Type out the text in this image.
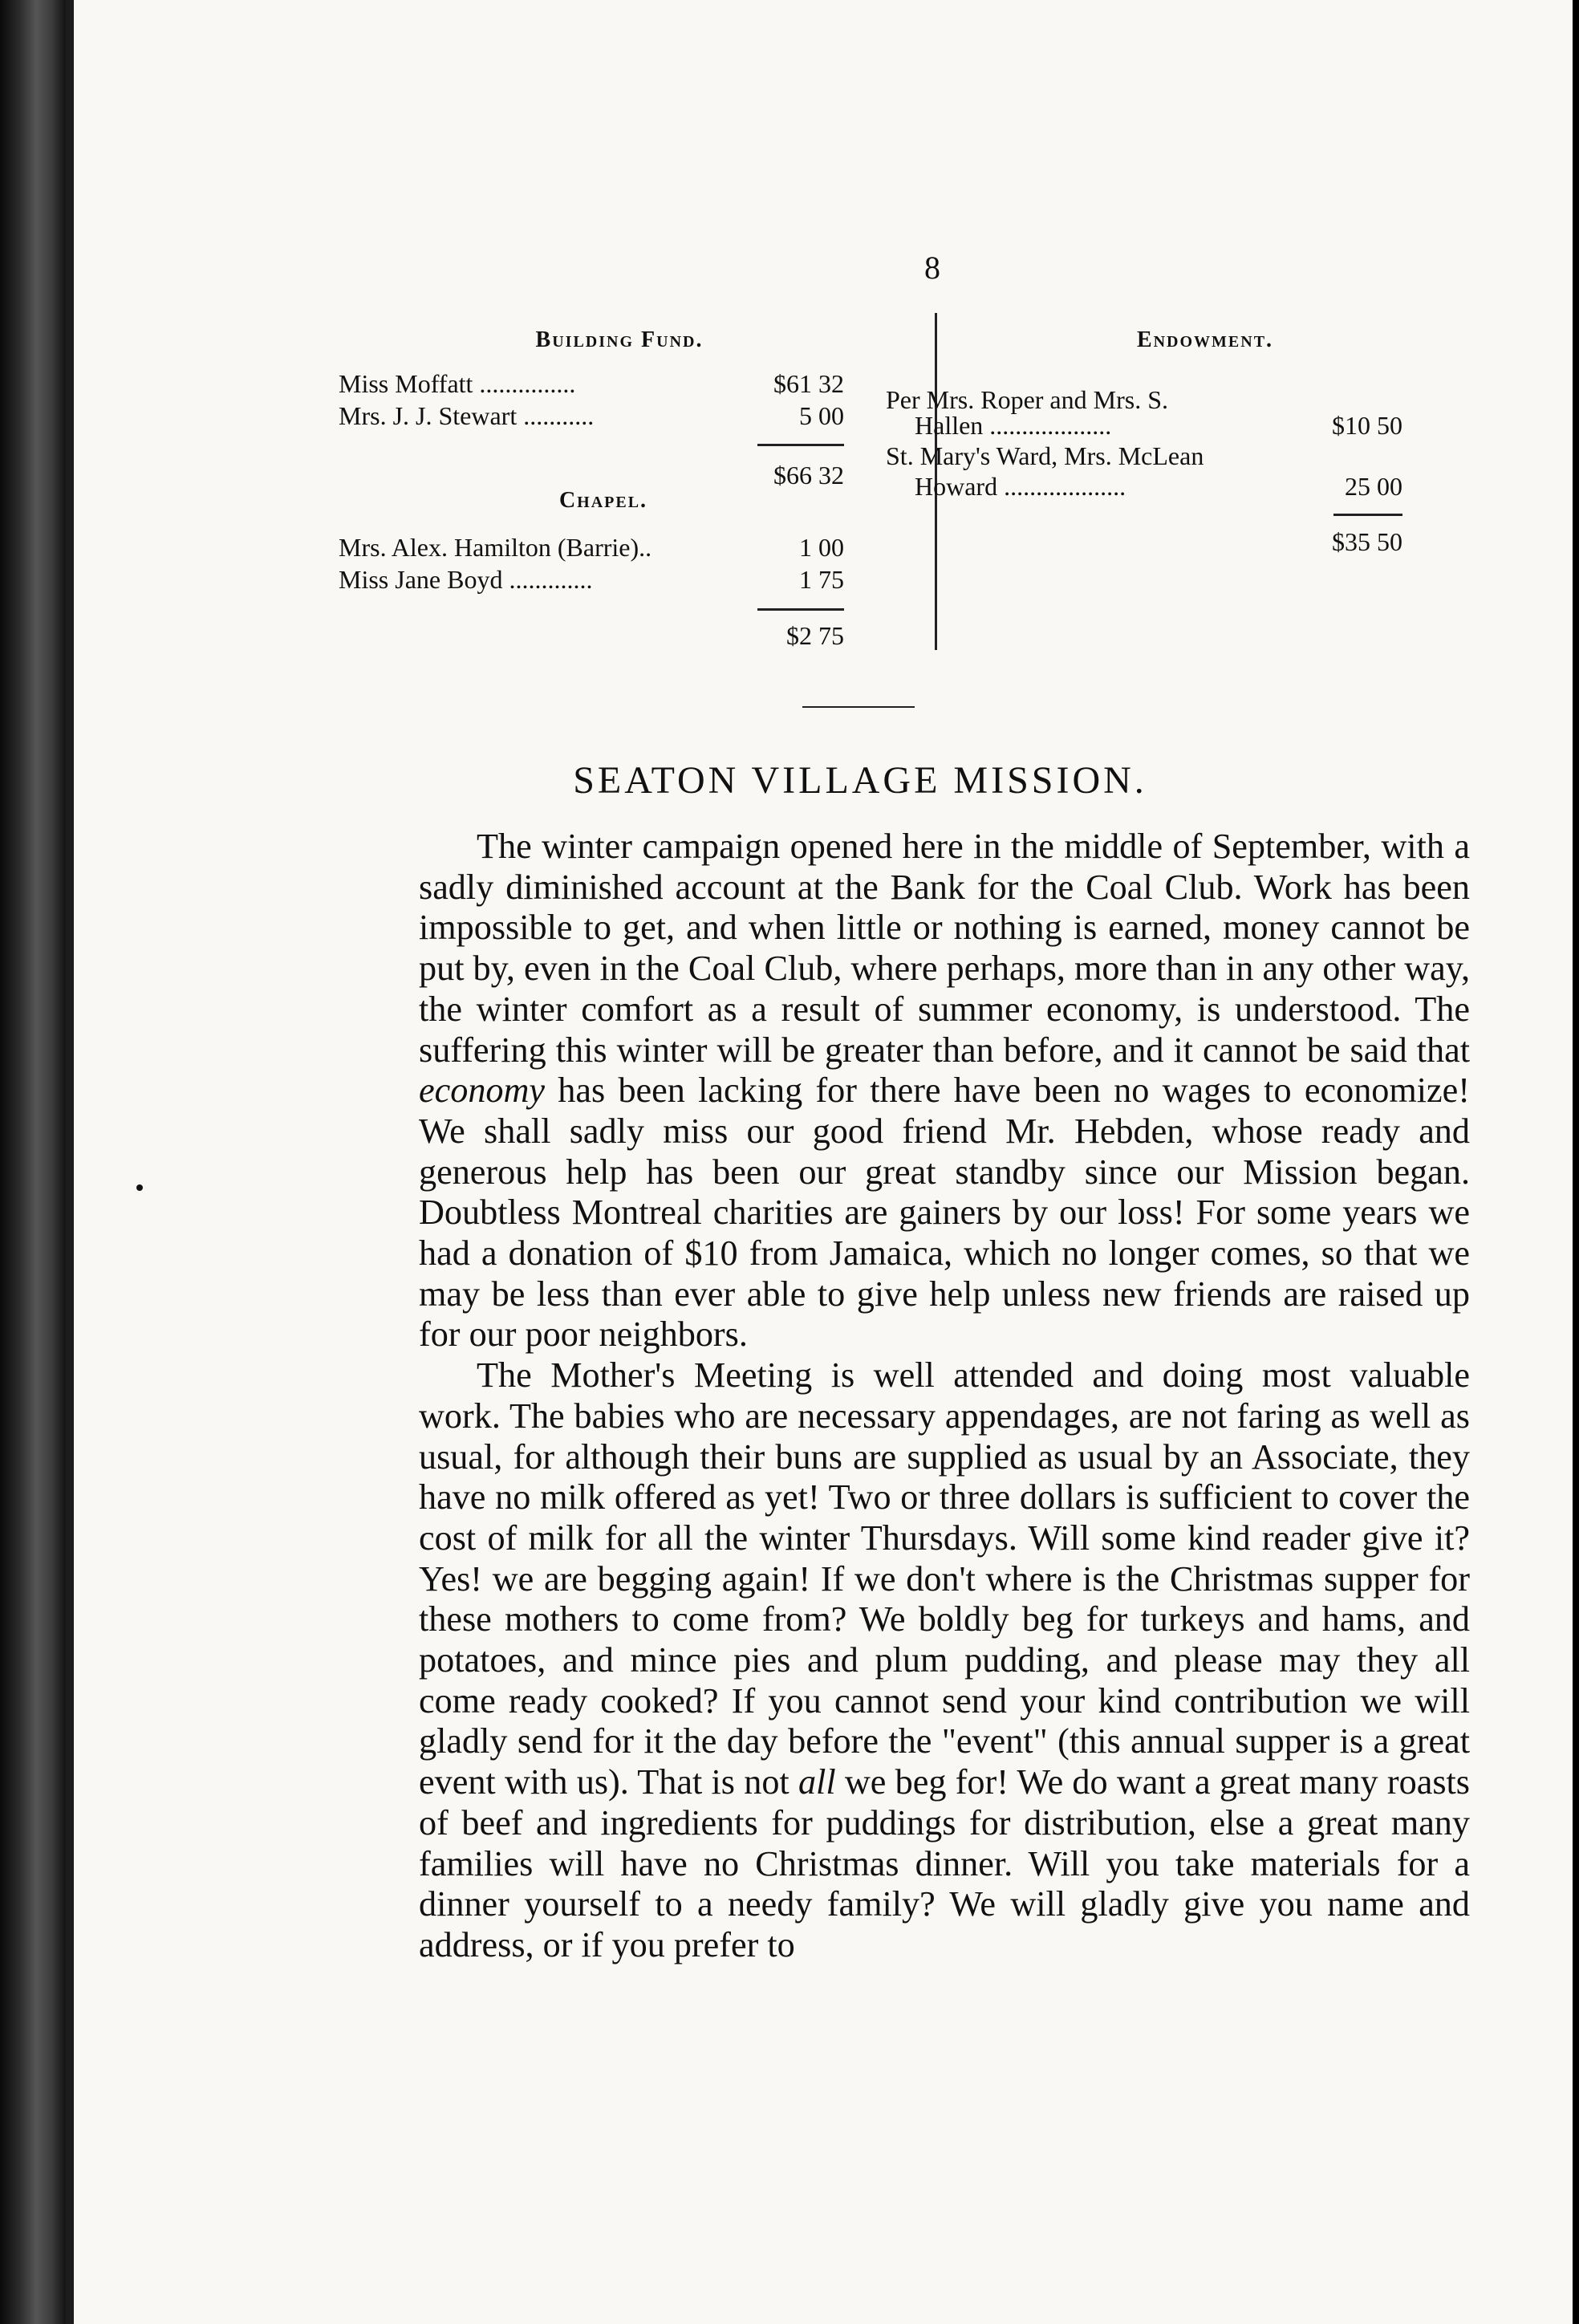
8
Building Fund.
Miss Moffatt ...............	$61 32
Mrs. J. J. Stewart ...........	5 00
$66 32
Chapel.
Mrs. Alex. Hamilton (Barrie)..	1 00
Miss Jane Boyd .............	1 75
$2 75
Endowment.
Per Mrs. Roper and Mrs. S.
Hallen ...................	$10 50
St. Mary's Ward, Mrs. McLean
Howard ...................	25 00
$35 50
SEATON VILLAGE MISSION.

The winter campaign opened here in the middle of September, with a sadly diminished account at the Bank for the Coal Club. Work has been impossible to get, and when little or nothing is earned, money cannot be put by, even in the Coal Club, where perhaps, more than in any other way, the winter comfort as a result of summer economy, is understood. The suffering this winter will be greater than before, and it cannot be said that economy has been lacking for there have been no wages to economize! We shall sadly miss our good friend Mr. Hebden, whose ready and generous help has been our great standby since our Mission began. Doubtless Montreal charities are gainers by our loss! For some years we had a donation of $10 from Jamaica, which no longer comes, so that we may be less than ever able to give help unless new friends are raised up for our poor neighbors.

The Mother's Meeting is well attended and doing most valuable work. The babies who are necessary appendages, are not faring as well as usual, for although their buns are supplied as usual by an Associate, they have no milk offered as yet! Two or three dollars is sufficient to cover the cost of milk for all the winter Thursdays. Will some kind reader give it? Yes! we are begging again! If we don't where is the Christmas supper for these mothers to come from? We boldly beg for turkeys and hams, and potatoes, and mince pies and plum pudding, and please may they all come ready cooked? If you cannot send your kind contribution we will gladly send for it the day before the "event" (this annual supper is a great event with us). That is not all we beg for! We do want a great many roasts of beef and ingredients for puddings for distribution, else a great many families will have no Christmas dinner. Will you take materials for a dinner yourself to a needy family? We will gladly give you name and address, or if you prefer to
